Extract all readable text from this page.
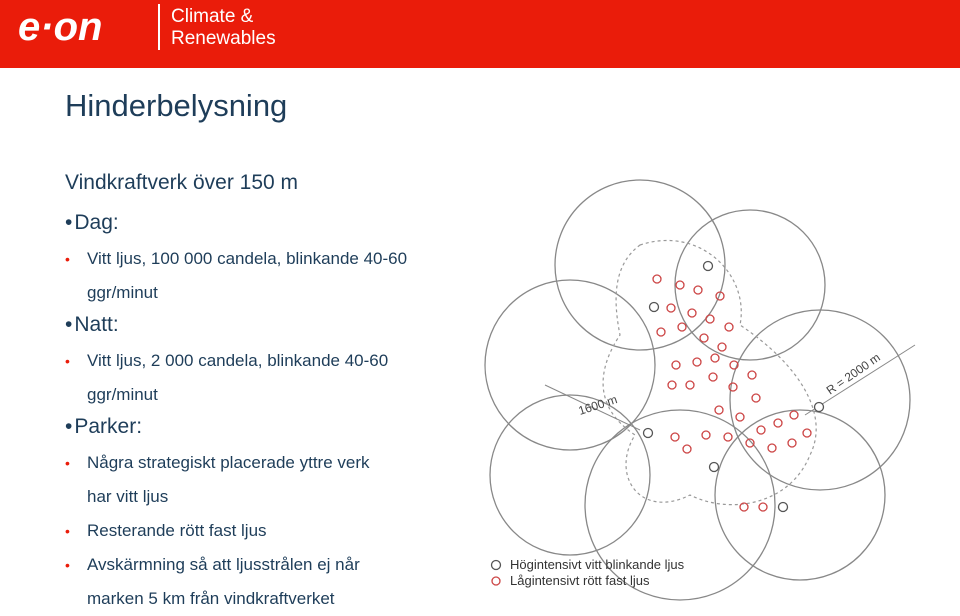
e·on	Climate &
Renewables
Hinderbelysning
Vindkraftverk över 150 m
•Dag:
• Vitt ljus, 100 000 candela, blinkande 40-60
ggr/minut
•Natt:
• Vitt ljus, 2 000 candela, blinkande 40-60
ggr/minut
•Parker:
• Några strategiskt placerade yttre verk
har vitt ljus
• Resterande rött fast ljus
• Avskärmning så att ljusstrålen ej når
marken 5 km från vindkraftverket
1600 m
R = 2000 m
Högintensivt vitt blinkande ljus
Lågintensivt rött fast ljus
